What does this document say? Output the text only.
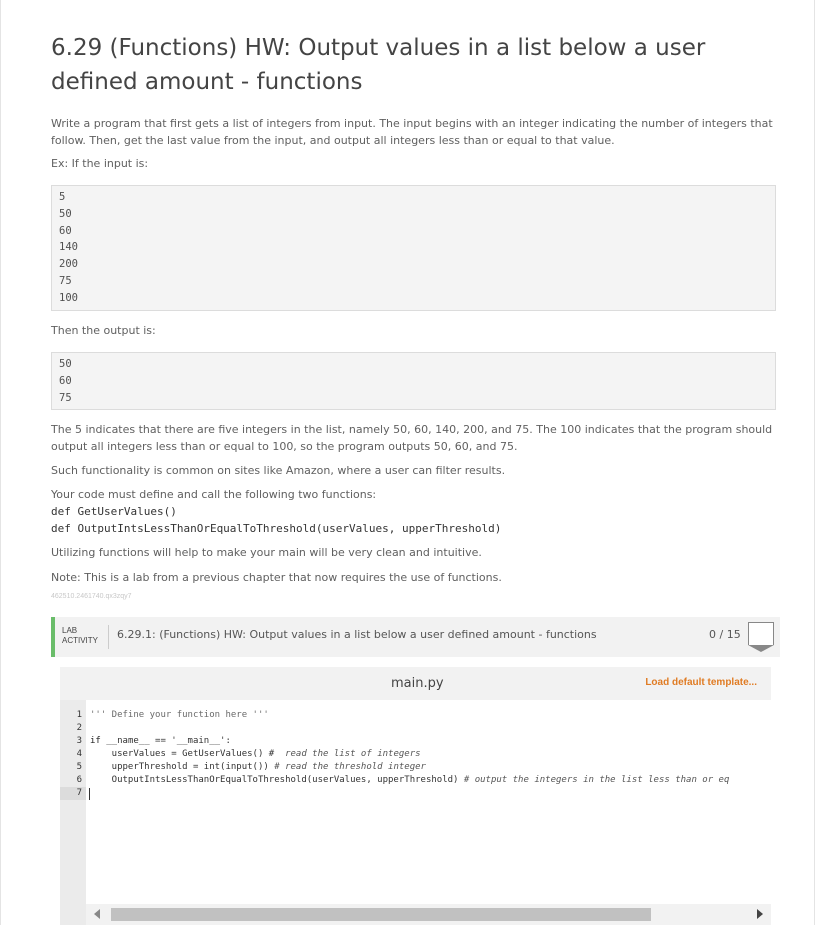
6.29 (Functions) HW: Output values in a list below a user defined amount - functions

Write a program that first gets a list of integers from input. The input begins with an integer indicating the number of integers that follow. Then, get the last value from the input, and output all integers less than or equal to that value.

Ex: If the input is:

5
50
60
140
200
75
100

Then the output is:

50
60
75

The 5 indicates that there are five integers in the list, namely 50, 60, 140, 200, and 75. The 100 indicates that the program should output all integers less than or equal to 100, so the program outputs 50, 60, and 75.

Such functionality is common on sites like Amazon, where a user can filter results.

Your code must define and call the following two functions:

def GetUserValues()

def OutputIntsLessThanOrEqualToThreshold(userValues, upperThreshold)

Utilizing functions will help to make your main will be very clean and intuitive.

Note: This is a lab from a previous chapter that now requires the use of functions.

462510.2461740.qx3zqy7
LAB
ACTIVITY	6.29.1: (Functions) HW: Output values in a list below a user defined amount - functions	0 / 15
main.py	Load default template...
1
2
3
4
5
6
7
''' Define your function here '''
if __name__ == '__main__':
userValues = GetUserValues() #  read the list of integers
upperThreshold = int(input()) # read the threshold integer
OutputIntsLessThanOrEqualToThreshold(userValues, upperThreshold) # output the integers in the list less than or eq
